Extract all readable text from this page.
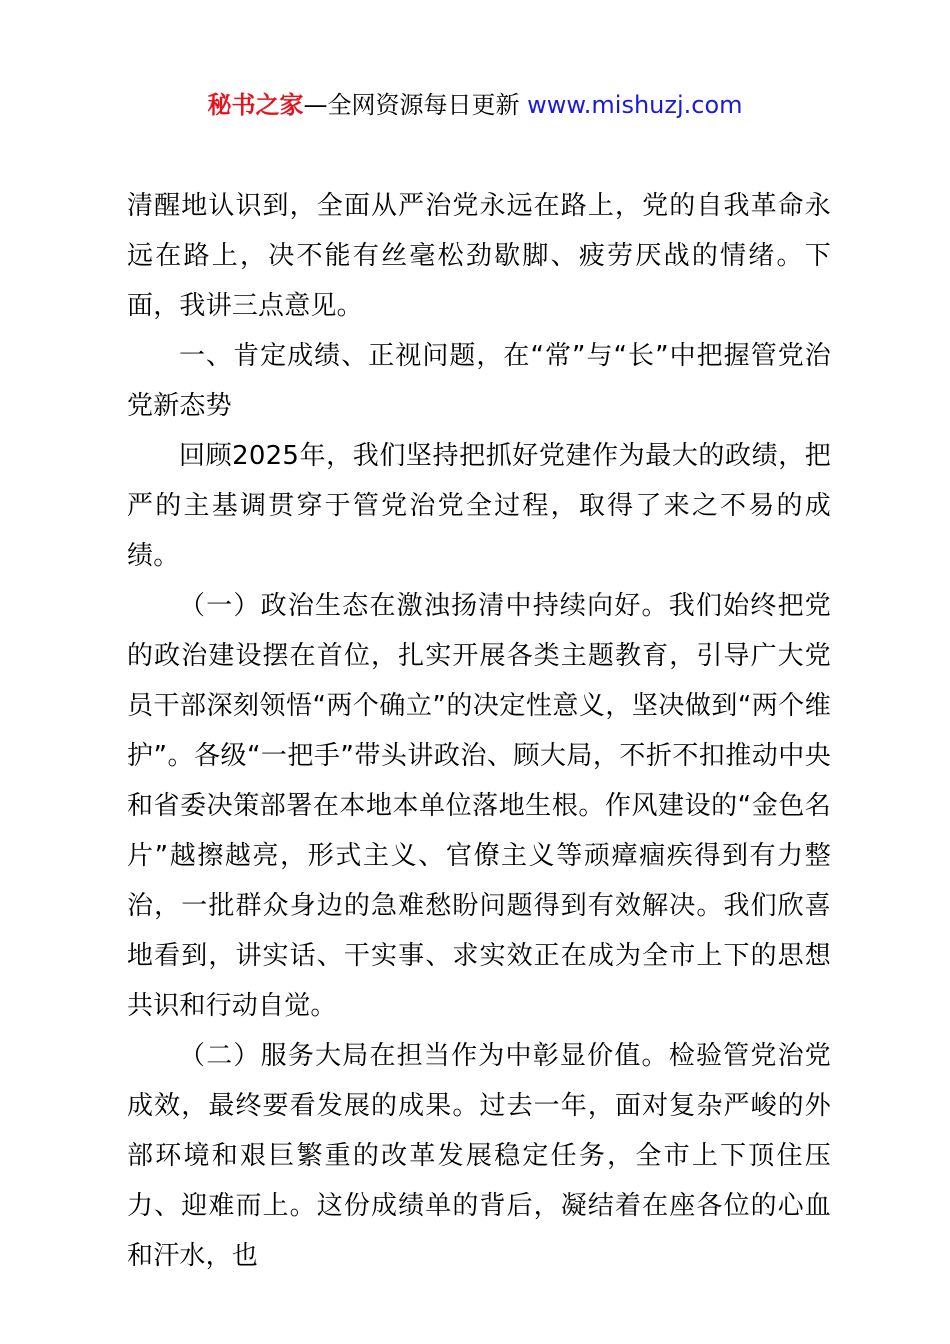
秘书之家—全网资源每日更新 www.mishuzj.com

清醒地认识到，全面从严治党永远在路上，党的自我革命永远在路上，决不能有丝毫松劲歇脚、疲劳厌战的情绪。下面，我讲三点意见。

一、肯定成绩、正视问题，在“常”与“长”中把握管党治党新态势

回顾2025年，我们坚持把抓好党建作为最大的政绩，把严的主基调贯穿于管党治党全过程，取得了来之不易的成绩。

（一）政治生态在激浊扬清中持续向好。我们始终把党的政治建设摆在首位，扎实开展各类主题教育，引导广大党员干部深刻领悟“两个确立”的决定性意义，坚决做到“两个维护”。各级“一把手”带头讲政治、顾大局，不折不扣推动中央和省委决策部署在本地本单位落地生根。作风建设的“金色名片”越擦越亮，形式主义、官僚主义等顽瘴痼疾得到有力整治，一批群众身边的急难愁盼问题得到有效解决。我们欣喜地看到，讲实话、干实事、求实效正在成为全市上下的思想共识和行动自觉。

（二）服务大局在担当作为中彰显价值。检验管党治党成效，最终要看发展的成果。过去一年，面对复杂严峻的外部环境和艰巨繁重的改革发展稳定任务，全市上下顶住压力、迎难而上。这份成绩单的背后，凝结着在座各位的心血和汗水，也
